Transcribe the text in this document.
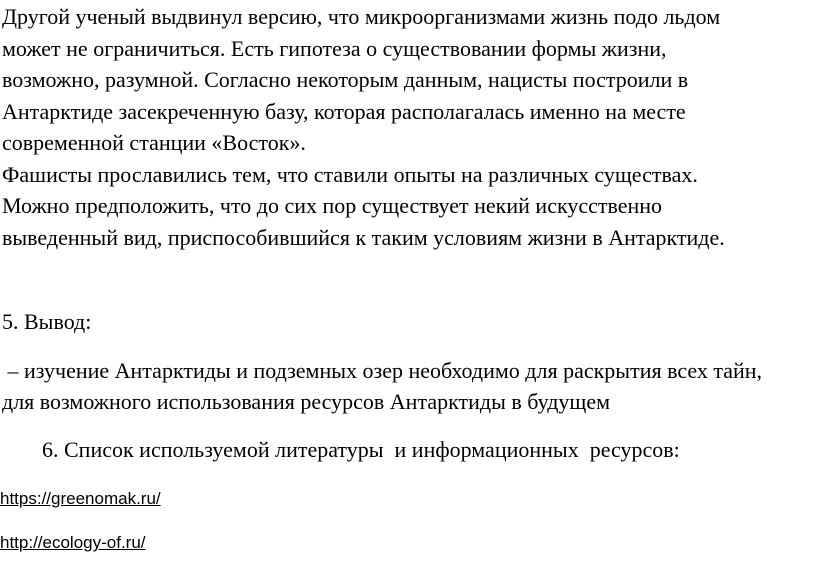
Другой ученый выдвинул версию, что микроорганизмами жизнь подо льдом
может не ограничиться. Есть гипотеза о существовании формы жизни,
возможно, разумной. Согласно некоторым данным, нацисты построили в
Антарктиде засекреченную базу, которая располагалась именно на месте
современной станции «Восток».
Фашисты прославились тем, что ставили опыты на различных существах.
Можно предположить, что до сих пор существует некий искусственно
выведенный вид, приспособившийся к таким условиям жизни в Антарктиде.
5. Вывод:
– изучение Антарктиды и подземных озер необходимо для раскрытия всех тайн,
для возможного использования ресурсов Антарктиды в будущем
6. Список используемой литературы  и информационных  ресурсов:
https://greenomak.ru/
http://ecology-of.ru/
